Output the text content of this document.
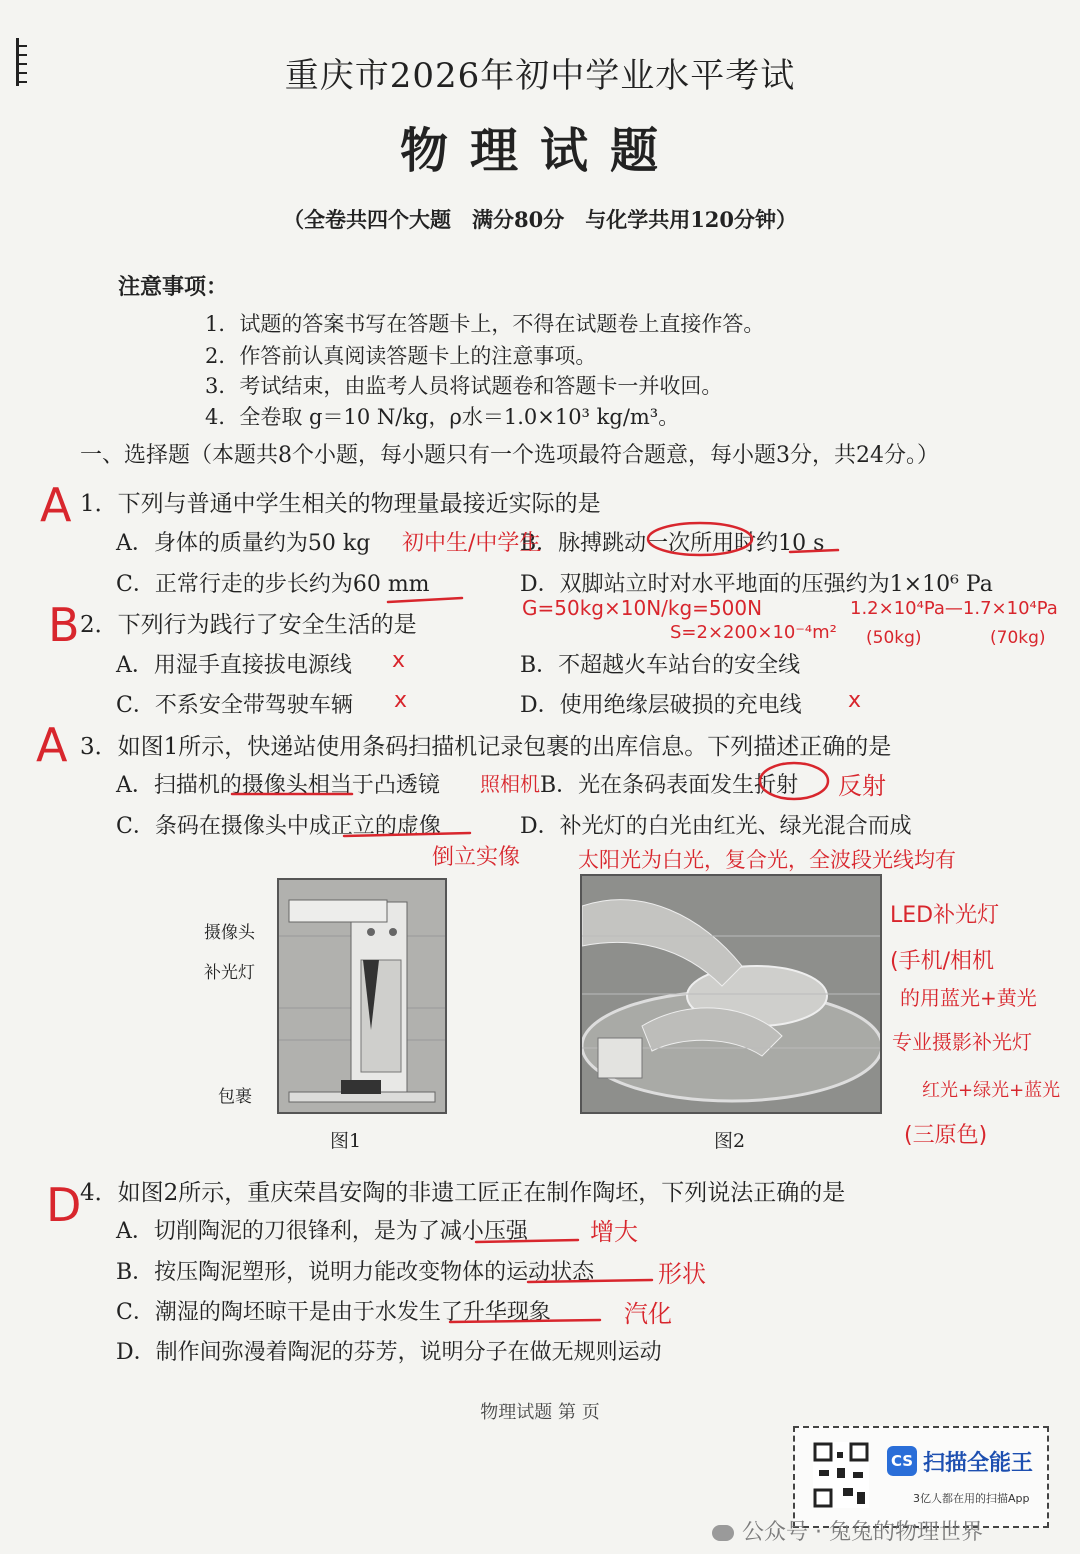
重庆市2026年初中学业水平考试
物理试题
（全卷共四个大题　满分80分　与化学共用120分钟）
注意事项：
1．试题的答案书写在答题卡上，不得在试题卷上直接作答。
2．作答前认真阅读答题卡上的注意事项。
3．考试结束，由监考人员将试题卷和答题卡一并收回。
4．全卷取 g＝10 N/kg，ρ水＝1.0×10³ kg/m³。
一、选择题（本题共8个小题，每小题只有一个选项最符合题意，每小题3分，共24分。）
A 1．下列与普通中学生相关的物理量最接近实际的是
A．身体的质量约为50 kg	B．脉搏跳动一次所用时约10 s
C．正常行走的步长约为60 mm	D．双脚站立时对水平地面的压强约为1×10⁶ Pa
初中生/中学生
G=50kg×10N/kg=500N
S=2×200×10⁻⁴m²
1.2×10⁴Pa—1.7×10⁴Pa
(50kg)	(70kg)
B 2．下列行为践行了安全生活的是
A．用湿手直接拔电源线	B．不超越火车站台的安全线
C．不系安全带驾驶车辆	D．使用绝缘层破损的充电线
x
x	x
A 3．如图1所示，快递站使用条码扫描机记录包裹的出库信息。下列描述正确的是
A．扫描机的摄像头相当于凸透镜	B．光在条码表面发生折射
C．条码在摄像头中成正立的虚像	D．补光灯的白光由红光、绿光混合而成
照相机	反射
倒立实像	太阳光为白光，复合光，全波段光线均有
LED补光灯
(手机/相机
的用蓝光+黄光
专业摄影补光灯
红光+绿光+蓝光
(三原色)
摄像头
补光灯
包裹
图1	图2
D
4．如图2所示，重庆荣昌安陶的非遗工匠正在制作陶坯，下列说法正确的是
A．切削陶泥的刀很锋利，是为了减小压强
B．按压陶泥塑形，说明力能改变物体的运动状态
C．潮湿的陶坯晾干是由于水发生了升华现象
D．制作间弥漫着陶泥的芬芳，说明分子在做无规则运动
增大
形状
汽化
物理试题 第 页
CS 扫描全能王
3亿人都在用的扫描App
公众号 · 兔兔的物理世界
